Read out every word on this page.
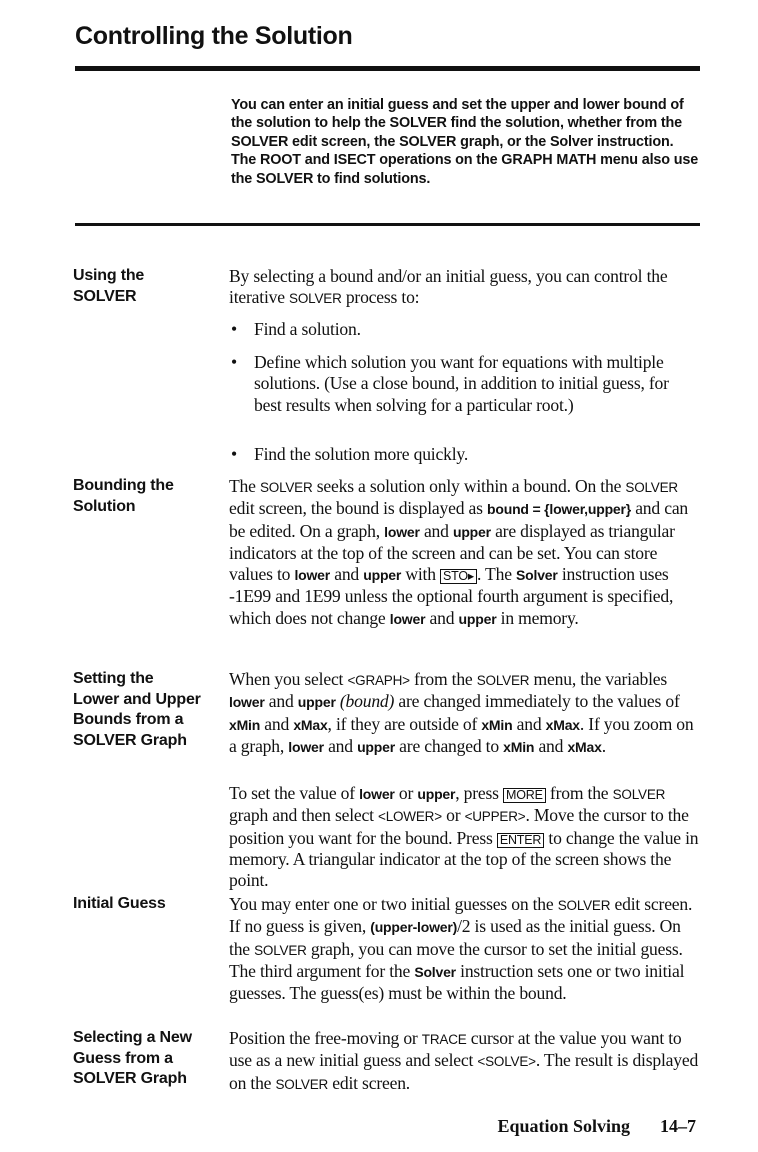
Controlling the Solution

You can enter an initial guess and set the upper and lower bound of the solution to help the SOLVER find the solution, whether from the SOLVER edit screen, the SOLVER graph, or the Solver instruction. The ROOT and ISECT operations on the GRAPH MATH menu also use the SOLVER to find solutions.

Using the
SOLVER

By selecting a bound and/or an initial guess, you can control the iterative SOLVER process to:

• Find a solution.
• Define which solution you want for equations with multiple solutions. (Use a close bound, in addition to initial guess, for best results when solving for a particular root.)
• Find the solution more quickly.
Bounding the
Solution

The SOLVER seeks a solution only within a bound. On the SOLVER edit screen, the bound is displayed as bound = {lower,upper} and can be edited. On a graph, lower and upper are displayed as triangular indicators at the top of the screen and can be set. You can store values to lower and upper with STO▸ . The Solver instruction uses -1E99 and 1E99 unless the optional fourth argument is specified, which does not change lower and upper in memory.

Setting the
Lower and Upper
Bounds from a
SOLVER Graph

When you select <GRAPH> from the SOLVER menu, the variables lower and upper (bound) are changed immediately to the values of xMin and xMax, if they are outside of xMin and xMax. If you zoom on a graph, lower and upper are changed to xMin and xMax.

To set the value of lower or upper, press MORE from the SOLVER graph and then select <LOWER> or <UPPER>. Move the cursor to the position you want for the bound. Press ENTER to change the value in memory. A triangular indicator at the top of the screen shows the point.

Initial Guess	You may enter one or two initial guesses on the SOLVER edit screen. If no guess is given, (upper-lower)/2 is used as the initial guess. On the SOLVER graph, you can move the cursor to set the initial guess. The third argument for the Solver instruction sets one or two initial guesses. The guess(es) must be within the bound.

Selecting a New
Guess from a
SOLVER Graph

Position the free-moving or TRACE cursor at the value you want to use as a new initial guess and select <SOLVE>. The result is displayed on the SOLVER edit screen.

Equation Solving 14–7
